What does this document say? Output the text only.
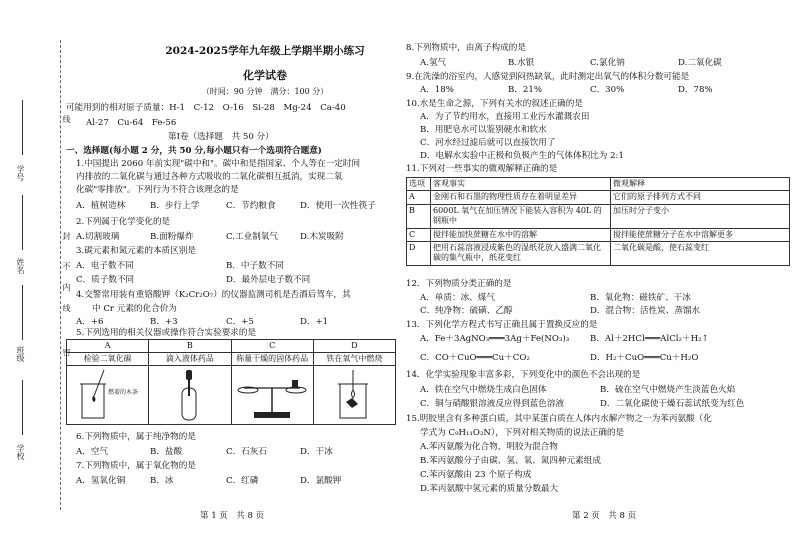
线
封
不
内
线
密
学号
姓名
班级
学校
2024-2025学年九年级上学期半期小练习
化学试卷
（时间：90 分钟　满分：100 分）
可能用到的相对原子质量：H-1　C-12　O-16　Si-28　Mg-24　Ca-40
Al-27　Cu-64　Fe-56
第Ⅰ卷（选择题　共 50 分）
一、选择题(每小题 2 分，共 50 分,每小题只有一个选项符合题意)
1.中国提出 2060 年前实现"碳中和"。碳中和是指国家、个人等在一定时间
内排放的二氧化碳与通过各种方式吸收的二氧化碳相互抵消，实现二氧
化碳"零排放"。下列行为不符合该理念的是
A．植树造林	B．步行上学	C．节约粮食	D．使用一次性筷子
2.下列属于化学变化的是
A.切割玻璃	B.面粉爆炸	C.工业制氧气	D.木炭吸附
3.碳元素和氮元素的本质区别是
A．电子数不同	B．中子数不同
C．质子数不同	D．最外层电子数不同
4.交警常用装有重铬酸钾（K₂Cr₂O₇）的仪器监测司机是否酒后驾车，其
中 Cr 元素的化合价为
A．+6	B．+3	C．+5	D．+1
5.下列选用的相关仪器或操作符合实验要求的是
A	B	C	D
检验二氧化碳	滴入液体药品	称量干燥的固体药品	铁在氧气中燃烧

燃着的木条

6.下列物质中，属于纯净物的是
A．空气	B．盐酸	C．石灰石	D．干冰
7.下列物质中，属于氧化物的是
A．氢氧化铜	B．冰	C．红磷	D．氯酸钾
第 1 页　共 8 页
8.下列物质中，由离子构成的是
A.氢气	B.水银	C.氯化钠	D.二氧化碳
9.在洗澡的浴室内，人感觉到闷热缺氧，此时测定出氧气的体积分数可能是
A．18%	B．21%	C．30%	D．78%
10.水是生命之源，下列有关水的叙述正确的是
A．为了节约用水，直接用工业污水灌溉农田
B．用肥皂水可以鉴别硬水和软水
C．河水经过滤后就可以直接饮用了
D．电解水实验中正极和负极产生的气体体积比为 2:1
11.下列对一些事实的微观解释正确的是
选项	客观事实	微观解释
A	金刚石和石墨的物理性质存在着明显差异	它们的原子排列方式不同
B	6000L 氧气在加压情况下能装入容积为 40L 的钢瓶中	加压时分子变小
C	搅拌能加快蔗糖在水中的溶解	搅拌能使蔗糖分子在水中溶解更多
D	把用石蕊溶液浸成紫色的湿纸花放入盛满二氧化碳的集气瓶中，纸花变红	二氧化碳是酸，使石蕊变红
12．下列物质分类正确的是
A．单质：冰、煤气	B．氧化物：磁铁矿、干冰
C．纯净物：硫磺、乙醇	D．混合物：活性炭、蒸馏水
13．下列化学方程式书写正确且属于置换反应的是
A．Fe＋3AgNO₃═══3Ag＋Fe(NO₃)₃ B．Al＋2HCl═══AlCl₂＋H₂↑
C．CO＋CuO═══Cu＋CO₂	D．H₂＋CuO═══Cu＋H₂O
14．化学实验现象丰富多彩，下列变化中的颜色不会出现的是
A．铁在空气中燃烧生成白色固体	B．硫在空气中燃烧产生淡蓝色火焰
C．铜与硝酸银溶液反应得到蓝色溶液	D．二氧化碳使干燥石蕊试纸变为红色
15.明胶里含有多种蛋白质，其中某蛋白质在人体内水解产物之一为苯丙氨酸（化
学式为 C₉H₁₁O₂N），下列对相关物质的说法正确的是
A.苯丙氨酸为化合物，明胶为混合物
B.苯丙氨酸分子由碳、氢、氧、氮四种元素组成
C.苯丙氨酸由 23 个原子构成
D.苯丙氨酸中氢元素的质量分数最大
第 2 页　共 8 页
